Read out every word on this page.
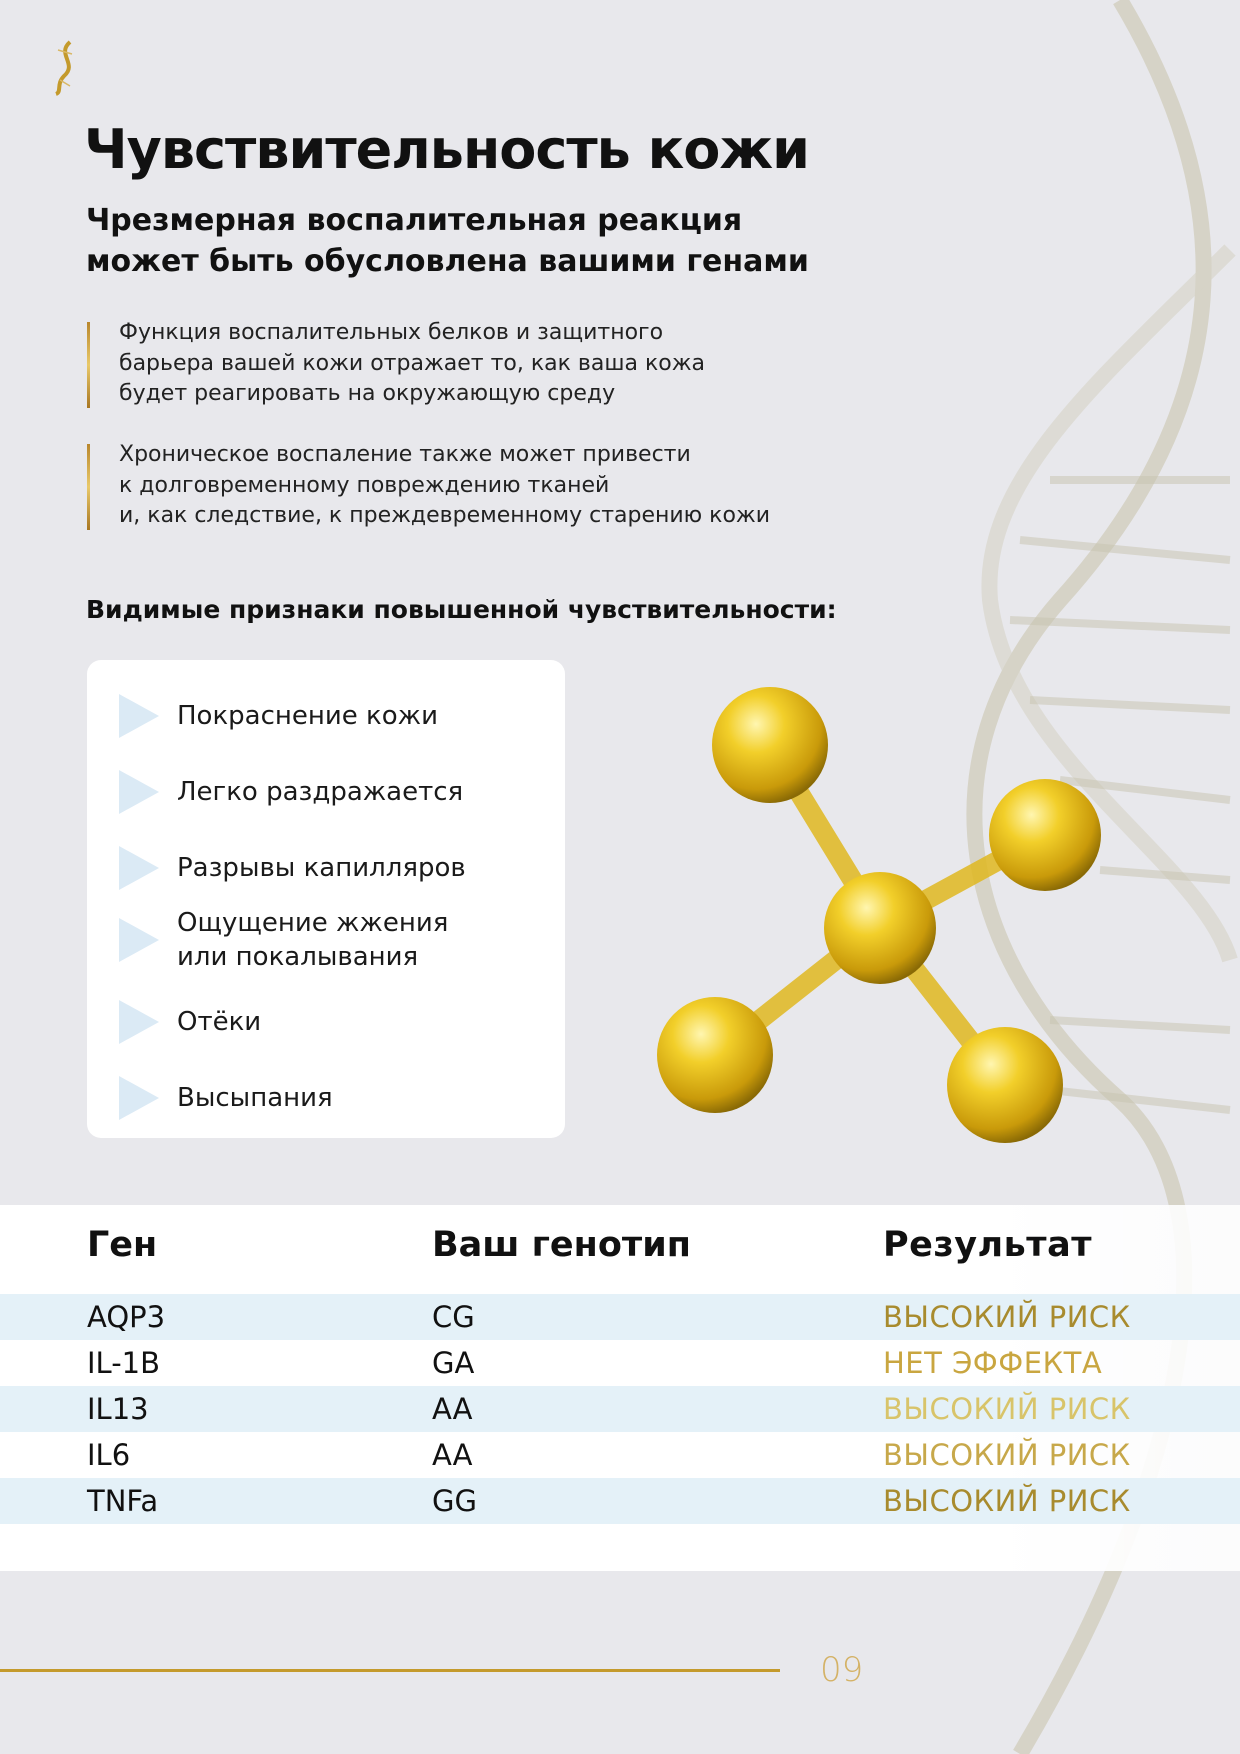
Чувствительность кожи
Чрезмерная воспалительная реакция
может быть обусловлена вашими генами
Функция воспалительных белков и защитного
барьера вашей кожи отражает то, как ваша кожа
будет реагировать на окружающую среду
Хроническое воспаление также может привести
к долговременному повреждению тканей
и, как следствие, к преждевременному старению кожи
Видимые признаки повышенной чувствительности:
Покраснение кожи
Легко раздражается
Разрывы капилляров
Ощущение жжения
или покалывания
Отёки
Высыпания
Ген	Ваш генотип	Результат
AQP3	CG	ВЫСОКИЙ РИСК
IL-1B	GA	НЕТ ЭФФЕКТА
IL13	AA	ВЫСОКИЙ РИСК
IL6	AA	ВЫСОКИЙ РИСК
TNFa	GG	ВЫСОКИЙ РИСК
09
